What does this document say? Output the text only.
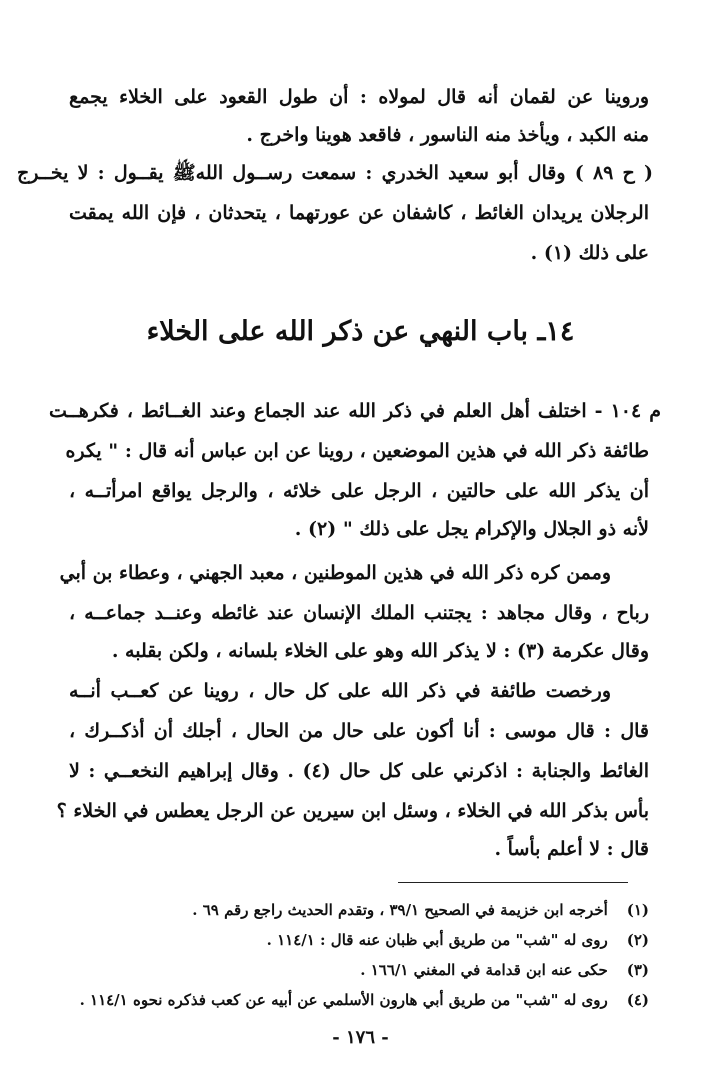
وروينا عن لقمان أنه قال لمولاه : أن طول القعود على الخلاء يجمع
منه الكبد ، ويأخذ منه الناسور ، فاقعد هوينا واخرج .
( ح ٨٩ ) وقال أبو سعيد الخدري : سمعت رســول اللهﷺ يقــول : لا يخــرج
الرجلان يريدان الغائط ، كاشفان عن عورتهما ، يتحدثان ، فإن الله يمقت
على ذلك (١) .
١٤ـ باب النهي عن ذكر الله على الخلاء
م ١٠٤ - اختلف أهل العلم في ذكر الله عند الجماع وعند الغــائط ، فكرهــت
طائفة ذكر الله في هذين الموضعين ، روينا عن ابن عباس أنه قال : " يكره
أن يذكر الله على حالتين ، الرجل على خلائه ، والرجل يواقع امرأتــه ،
لأنه ذو الجلال والإكرام يجل على ذلك " (٢) .
وممن كره ذكر الله في هذين الموطنين ، معبد الجهني ، وعطاء بن أبي
رباح ، وقال مجاهد : يجتنب الملك الإنسان عند غائطه وعنــد جماعــه ،
وقال عكرمة (٣) : لا يذكر الله وهو على الخلاء بلسانه ، ولكن بقلبه .
ورخصت طائفة في ذكر الله على كل حال ، روينا عن كعــب أنــه
قال : قال موسى : أنا أكون على حال من الحال ، أجلك أن أذكــرك ،
الغائط والجنابة : اذكرني على كل حال (٤) . وقال إبراهيم النخعــي : لا
بأس بذكر الله في الخلاء ، وسئل ابن سيرين عن الرجل يعطس في الخلاء ؟
قال : لا أعلم بأساً .
(١) أخرجه ابن خزيمة في الصحيح ٣٩/١ ، وتقدم الحديث راجع رقم ٦٩ .
(٢) روى له "شب" من طريق أبي ظبان عنه قال : ١١٤/١ .
(٣) حكى عنه ابن قدامة في المغني ١٦٦/١ .
(٤) روى له "شب" من طريق أبي هارون الأسلمي عن أبيه عن كعب فذكره نحوه ١١٤/١ .
- ١٧٦ -
